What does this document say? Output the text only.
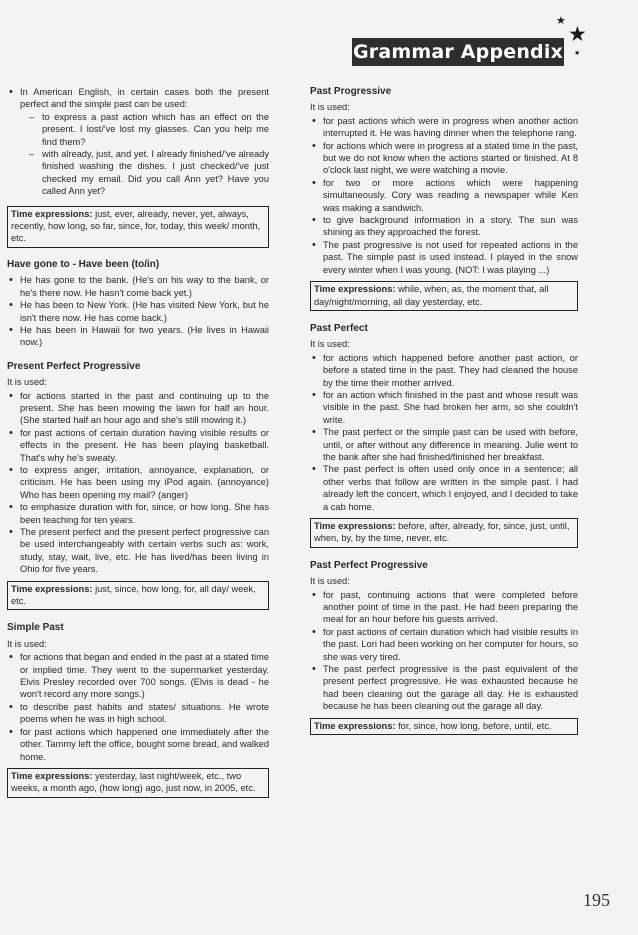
Grammar Appendix
★
★
★
• In American English, in certain cases both the present perfect and the simple past can be used:
– to express a past action which has an effect on the present. I lost/'ve lost my glasses. Can you help me find them?
– with already, just, and yet. I already finished/'ve already finished washing the dishes. I just checked/'ve just checked my email. Did you call Ann yet? Have you called Ann yet?
Time expressions: just, ever, already, never, yet, always, recently, how long, so far, since, for, today, this week/ month, etc.
Have gone to - Have been (to/in)
• He has gone to the bank. (He's on his way to the bank, or he's there now. He hasn't come back yet.)
• He has been to New York. (He has visited New York, but he isn't there now. He has come back.)
• He has been in Hawaii for two years. (He lives in Hawaii now.)
Present Perfect Progressive
It is used:
• for actions started in the past and continuing up to the present. She has been mowing the lawn for half an hour. (She started half an hour ago and she's still mowing it.)
• for past actions of certain duration having visible results or effects in the present. He has been playing basketball. That's why he's sweaty.
• to express anger, irritation, annoyance, explanation, or criticism. He has been using my iPod again. (annoyance) Who has been opening my mail? (anger)
• to emphasize duration with for, since, or how long. She has been teaching for ten years.
• The present perfect and the present perfect progressive can be used interchangeably with certain verbs such as: work, study, stay, wait, live, etc. He has lived/has been living in Ohio for five years.
Time expressions: just, since, how long, for, all day/ week, etc.
Simple Past
It is used:
• for actions that began and ended in the past at a stated time or implied time. They went to the supermarket yesterday. Elvis Presley recorded over 700 songs. (Elvis is dead - he won't record any more songs.)
• to describe past habits and states/ situations. He wrote poems when he was in high school.
• for past actions which happened one immediately after the other. Tammy left the office, bought some bread, and walked home.
Time expressions: yesterday, last night/week, etc., two weeks, a month ago, (how long) ago, just now, in 2005, etc.
Past Progressive
It is used:
• for past actions which were in progress when another action interrupted it. He was having dinner when the telephone rang.
• for actions which were in progress at a stated time in the past, but we do not know when the actions started or finished. At 8 o'clock last night, we were watching a movie.
• for two or more actions which were happening simultaneously. Cory was reading a newspaper while Ken was making a sandwich.
• to give background information in a story. The sun was shining as they approached the forest.
• The past progressive is not used for repeated actions in the past. The simple past is used instead. I played in the snow every winter when I was young. (NOT: I was playing ...)
Time expressions: while, when, as, the moment that, all day/night/morning, all day yesterday, etc.
Past Perfect
It is used:
• for actions which happened before another past action, or before a stated time in the past. They had cleaned the house by the time their mother arrived.
• for an action which finished in the past and whose result was visible in the past. She had broken her arm, so she couldn't write.
• The past perfect or the simple past can be used with before, until, or after without any difference in meaning. Julie went to the bank after she had finished/finished her breakfast.
• The past perfect is often used only once in a sentence; all other verbs that follow are written in the simple past. I had already left the concert, which I enjoyed, and I decided to take a cab home.
Time expressions: before, after, already, for, since, just, until, when, by, by the time, never, etc.
Past Perfect Progressive
It is used:
• for past, continuing actions that were completed before another point of time in the past. He had been preparing the meal for an hour before his guests arrived.
• for past actions of certain duration which had visible results in the past. Lori had been working on her computer for hours, so she was very tired.
• The past perfect progressive is the past equivalent of the present perfect progressive. He was exhausted because he had been cleaning out the garage all day. He is exhausted because he has been cleaning out the garage all day.
Time expressions: for, since, how long, before, until, etc.
195
